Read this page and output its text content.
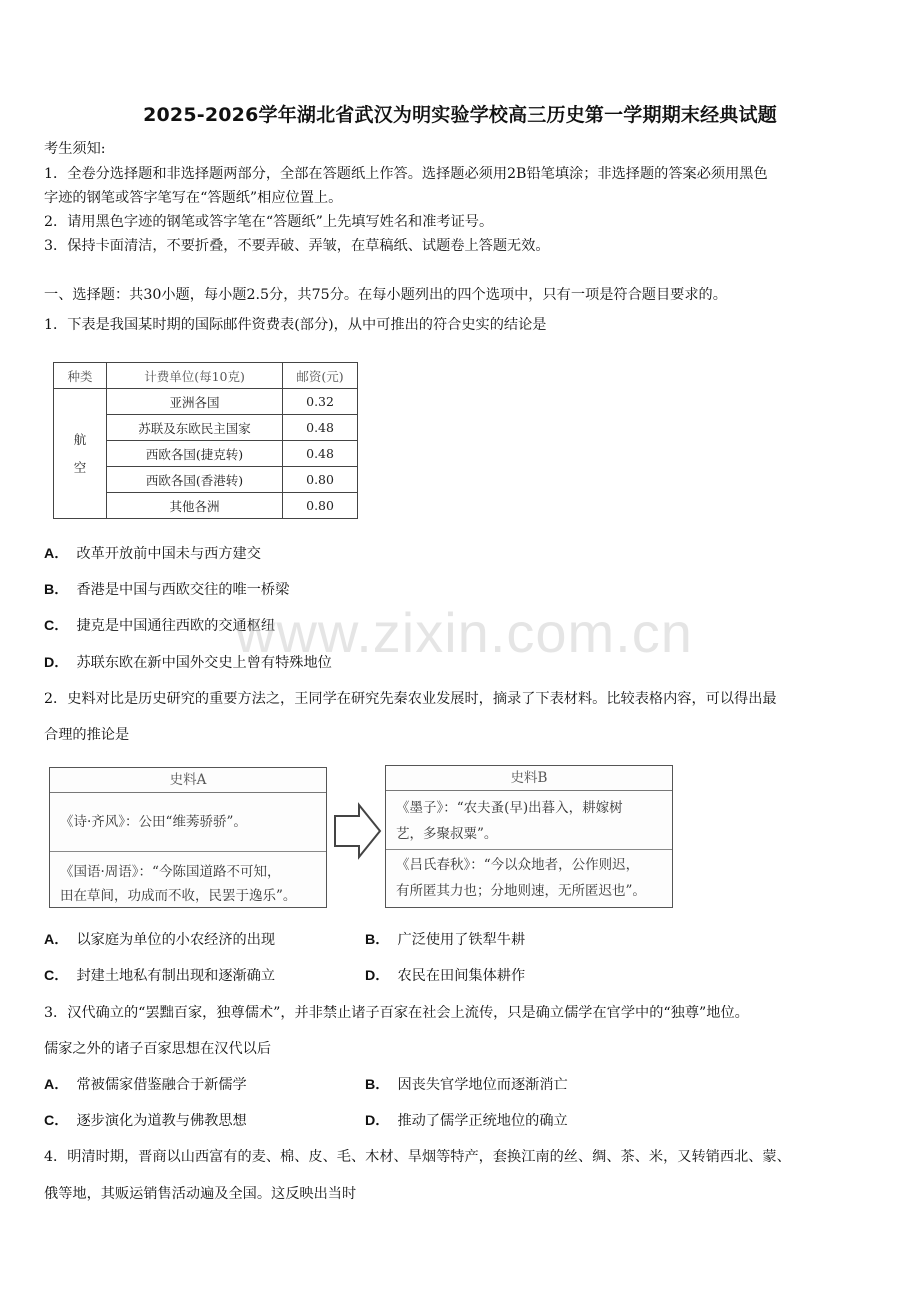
2025-2026学年湖北省武汉为明实验学校高三历史第一学期期末经典试题
考生须知:
1．全卷分选择题和非选择题两部分，全部在答题纸上作答。选择题必须用2B铅笔填涂；非选择题的答案必须用黑色
字迹的钢笔或答字笔写在“答题纸”相应位置上。
2．请用黑色字迹的钢笔或答字笔在“答题纸”上先填写姓名和准考证号。
3．保持卡面清洁，不要折叠，不要弄破、弄皱，在草稿纸、试题卷上答题无效。
一、选择题：共30小题，每小题2.5分，共75分。在每小题列出的四个选项中，只有一项是符合题目要求的。
1．下表是我国某时期的国际邮件资费表(部分)，从中可推出的符合史实的结论是
种类	计费单位(每10克)	邮资(元)
航
空	亚洲各国	0.32
	苏联及东欧民主国家	0.48
	西欧各国(捷克转)	0.48
	西欧各国(香港转)	0.80
	其他各洲	0.80
A． 改革开放前中国未与西方建交
B． 香港是中国与西欧交往的唯一桥梁
C． 捷克是中国通往西欧的交通枢纽
D． 苏联东欧在新中国外交史上曾有特殊地位
www.zixin.com.cn
2．史料对比是历史研究的重要方法之，王同学在研究先秦农业发展时，摘录了下表材料。比较表格内容，可以得出最
合理的推论是
史料A
《诗·齐风》：公田“维莠骄骄”。
《国语·周语》：“今陈国道路不可知，
田在草间，功成而不收，民罢于逸乐”。
史料B
《墨子》：“农夫蚤(早)出暮入，耕嫁树
艺，多聚叔粟”。
《吕氏春秋》：“今以众地者，公作则迟，
有所匿其力也；分地则速，无所匿迟也”。
A． 以家庭为单位的小农经济的出现	B． 广泛使用了铁犁牛耕
C． 封建土地私有制出现和逐渐确立	D． 农民在田间集体耕作
3．汉代确立的“罢黜百家，独尊儒术”，并非禁止诸子百家在社会上流传，只是确立儒学在官学中的“独尊”地位。
儒家之外的诸子百家思想在汉代以后
A． 常被儒家借鉴融合于新儒学	B． 因丧失官学地位而逐渐消亡
C． 逐步演化为道教与佛教思想	D． 推动了儒学正统地位的确立
4．明清时期，晋商以山西富有的麦、棉、皮、毛、木材、旱烟等特产，套换江南的丝、绸、茶、米，又转销西北、蒙、
俄等地，其贩运销售活动遍及全国。这反映出当时
